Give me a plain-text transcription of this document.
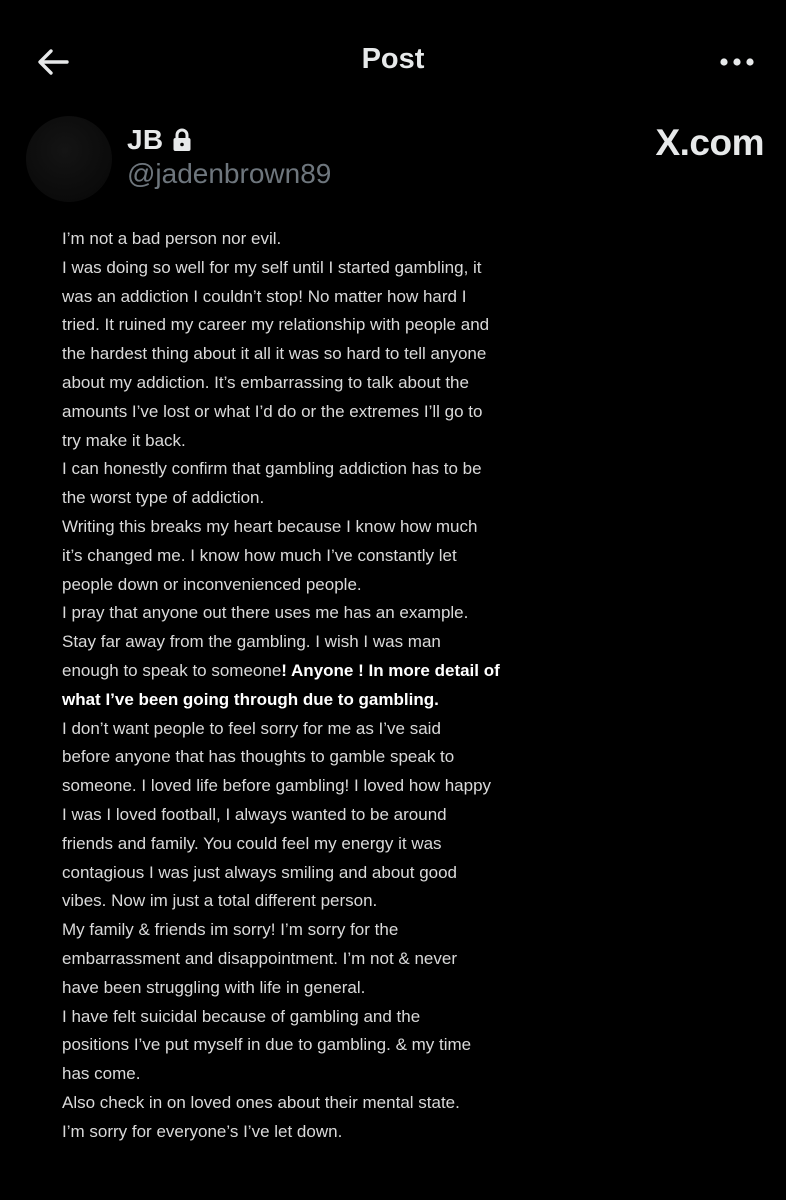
Post
JB
@jadenbrown89
X.com
I’m not a bad person nor evil.
I was doing so well for my self until I started gambling, it
was an addiction I couldn’t stop! No matter how hard I
tried. It ruined my career my relationship with people and
the hardest thing about it all it was so hard to tell anyone
about my addiction. It’s embarrassing to talk about the
amounts I’ve lost or what I’d do or the extremes I’ll go to
try make it back.
I can honestly confirm that gambling addiction has to be
the worst type of addiction.
Writing this breaks my heart because I know how much
it’s changed me. I know how much I’ve constantly let
people down or inconvenienced people.
I pray that anyone out there uses me has an example.
Stay far away from the gambling. I wish I was man
enough to speak to someone! Anyone ! In more detail of
what I’ve been going through due to gambling.
I don’t want people to feel sorry for me as I’ve said
before anyone that has thoughts to gamble speak to
someone. I loved life before gambling! I loved how happy
I was I loved football, I always wanted to be around
friends and family. You could feel my energy it was
contagious I was just always smiling and about good
vibes. Now im just a total different person.
My family & friends im sorry! I’m sorry for the
embarrassment and disappointment. I’m not & never
have been struggling with life in general.
I have felt suicidal because of gambling and the
positions I’ve put myself in due to gambling. & my time
has come.
Also check in on loved ones about their mental state.
I’m sorry for everyone’s I’ve let down.
